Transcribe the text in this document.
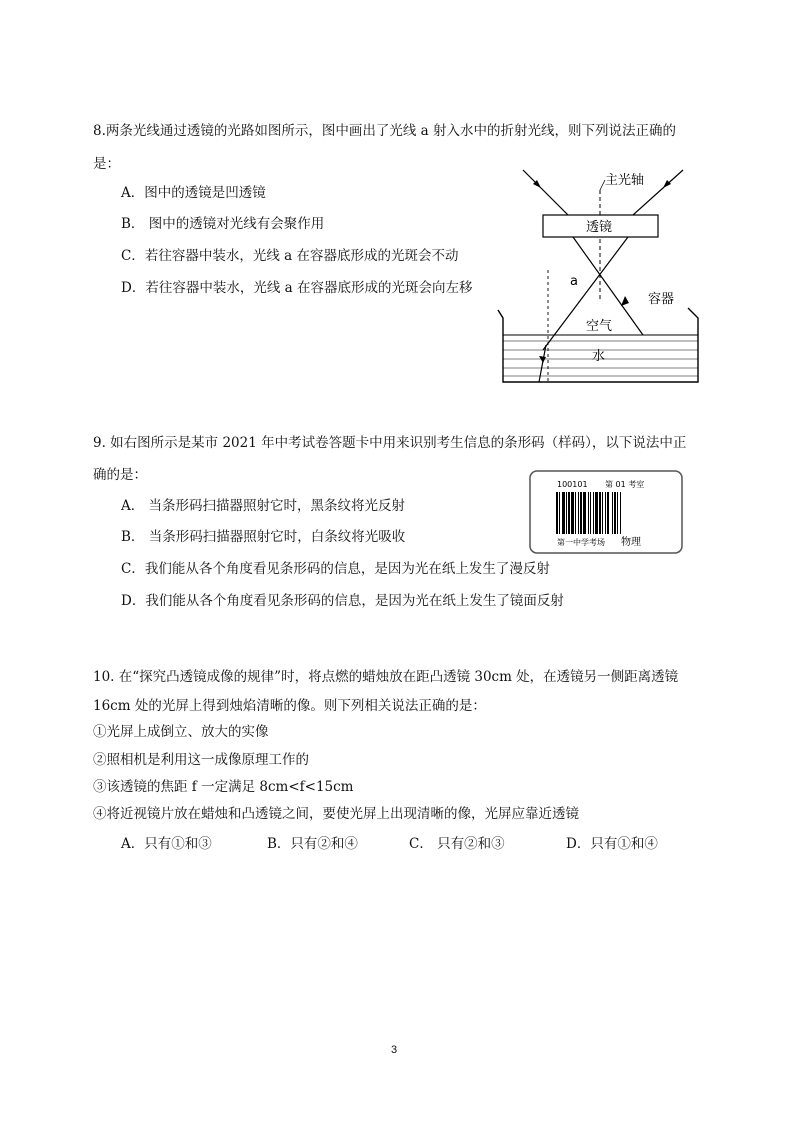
8.两条光线通过透镜的光路如图所示，图中画出了光线 a 射入水中的折射光线，则下列说法正确的
是：
A．图中的透镜是凹透镜
B． 图中的透镜对光线有会聚作用
C．若往容器中装水，光线 a 在容器底形成的光斑会不动
D．若往容器中装水，光线 a 在容器底形成的光斑会向左移
主光轴
透镜
a
容器
空气
水
9. 如右图所示是某市 2021 年中考试卷答题卡中用来识别考生信息的条形码（样码），以下说法中正
确的是：
A． 当条形码扫描器照射它时，黑条纹将光反射
B． 当条形码扫描器照射它时，白条纹将光吸收
C．我们能从各个角度看见条形码的信息，是因为光在纸上发生了漫反射
D．我们能从各个角度看见条形码的信息，是因为光在纸上发生了镜面反射
100101 第 01 考室
第一中学考场 物理
10. 在“探究凸透镜成像的规律”时，将点燃的蜡烛放在距凸透镜 30cm 处，在透镜另一侧距离透镜
16cm 处的光屏上得到烛焰清晰的像。则下列相关说法正确的是：
①光屏上成倒立、放大的实像
②照相机是利用这一成像原理工作的
③该透镜的焦距 f 一定满足 8cm<f<15cm
④将近视镜片放在蜡烛和凸透镜之间，要使光屏上出现清晰的像，光屏应靠近透镜
A．只有①和③	B．只有②和④	C． 只有②和③	D．只有①和④
3
